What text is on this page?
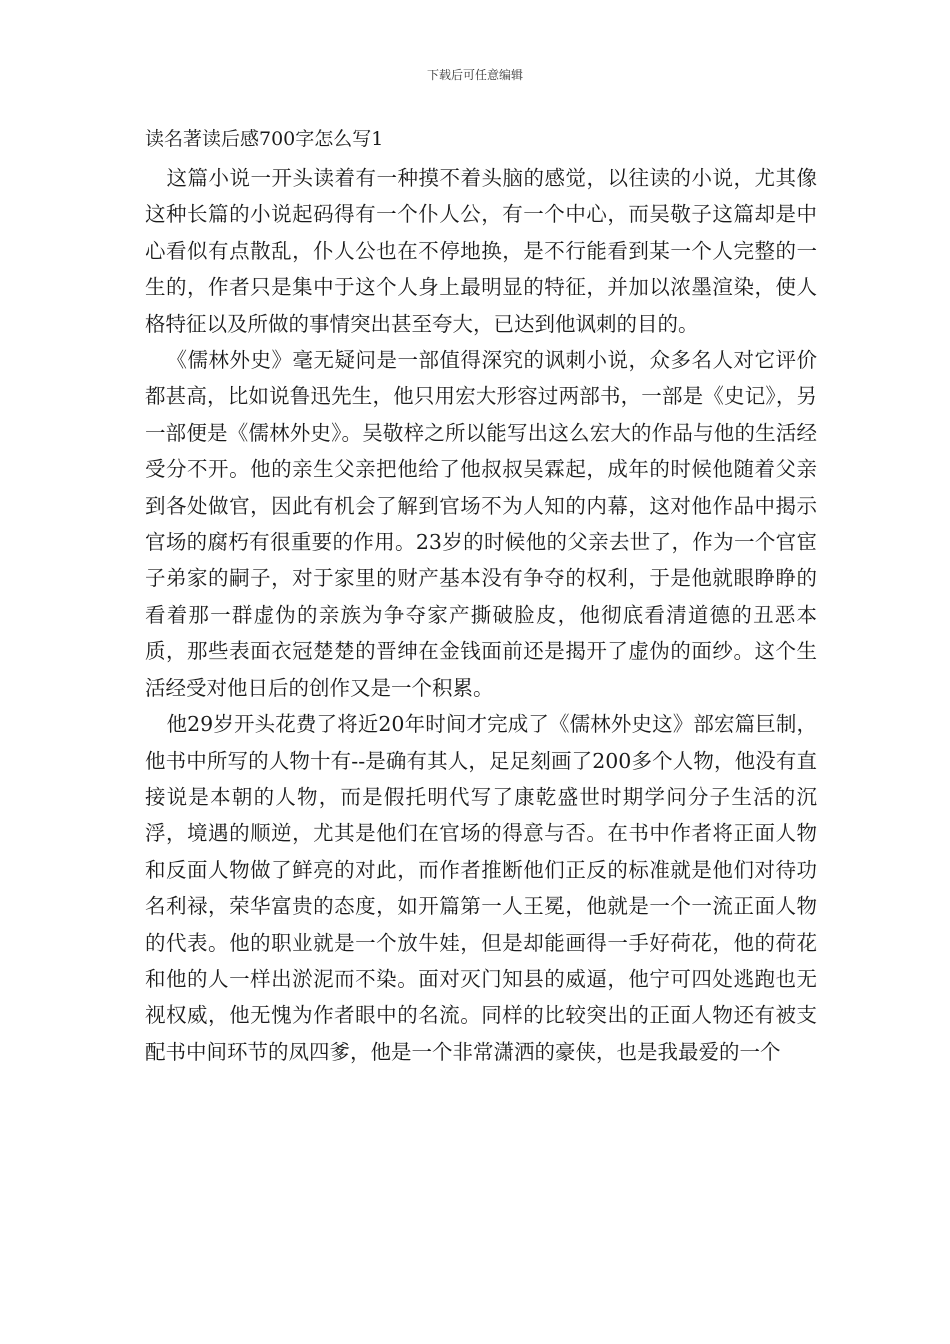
下载后可任意编辑
读名著读后感700字怎么写1

这篇小说一开头读着有一种摸不着头脑的感觉，以往读的小说，尤其像这种长篇的小说起码得有一个仆人公，有一个中心，而吴敬子这篇却是中心看似有点散乱，仆人公也在不停地换，是不行能看到某一个人完整的一生的，作者只是集中于这个人身上最明显的特征，并加以浓墨渲染，使人格特征以及所做的事情突出甚至夸大，已达到他讽刺的目的。

《儒林外史》毫无疑问是一部值得深究的讽刺小说，众多名人对它评价都甚高，比如说鲁迅先生，他只用宏大形容过两部书，一部是《史记》，另一部便是《儒林外史》。吴敬梓之所以能写出这么宏大的作品与他的生活经受分不开。他的亲生父亲把他给了他叔叔吴霖起，成年的时候他随着父亲到各处做官，因此有机会了解到官场不为人知的内幕，这对他作品中揭示官场的腐朽有很重要的作用。23岁的时候他的父亲去世了，作为一个官宦子弟家的嗣子，对于家里的财产基本没有争夺的权利，于是他就眼睁睁的看着那一群虚伪的亲族为争夺家产撕破脸皮，他彻底看清道德的丑恶本质，那些表面衣冠楚楚的晋绅在金钱面前还是揭开了虚伪的面纱。这个生活经受对他日后的创作又是一个积累。

他29岁开头花费了将近20年时间才完成了《儒林外史这》部宏篇巨制，他书中所写的人物十有--是确有其人，足足刻画了200多个人物，他没有直接说是本朝的人物，而是假托明代写了康乾盛世时期学问分子生活的沉浮，境遇的顺逆，尤其是他们在官场的得意与否。在书中作者将正面人物和反面人物做了鲜亮的对此，而作者推断他们正反的标准就是他们对待功名利禄，荣华富贵的态度，如开篇第一人王冕，他就是一个一流正面人物的代表。他的职业就是一个放牛娃，但是却能画得一手好荷花，他的荷花和他的人一样出淤泥而不染。面对灭门知县的威逼，他宁可四处逃跑也无视权威，他无愧为作者眼中的名流。同样的比较突出的正面人物还有被支配书中间环节的凤四爹，他是一个非常潇洒的豪侠，也是我最爱的一个
